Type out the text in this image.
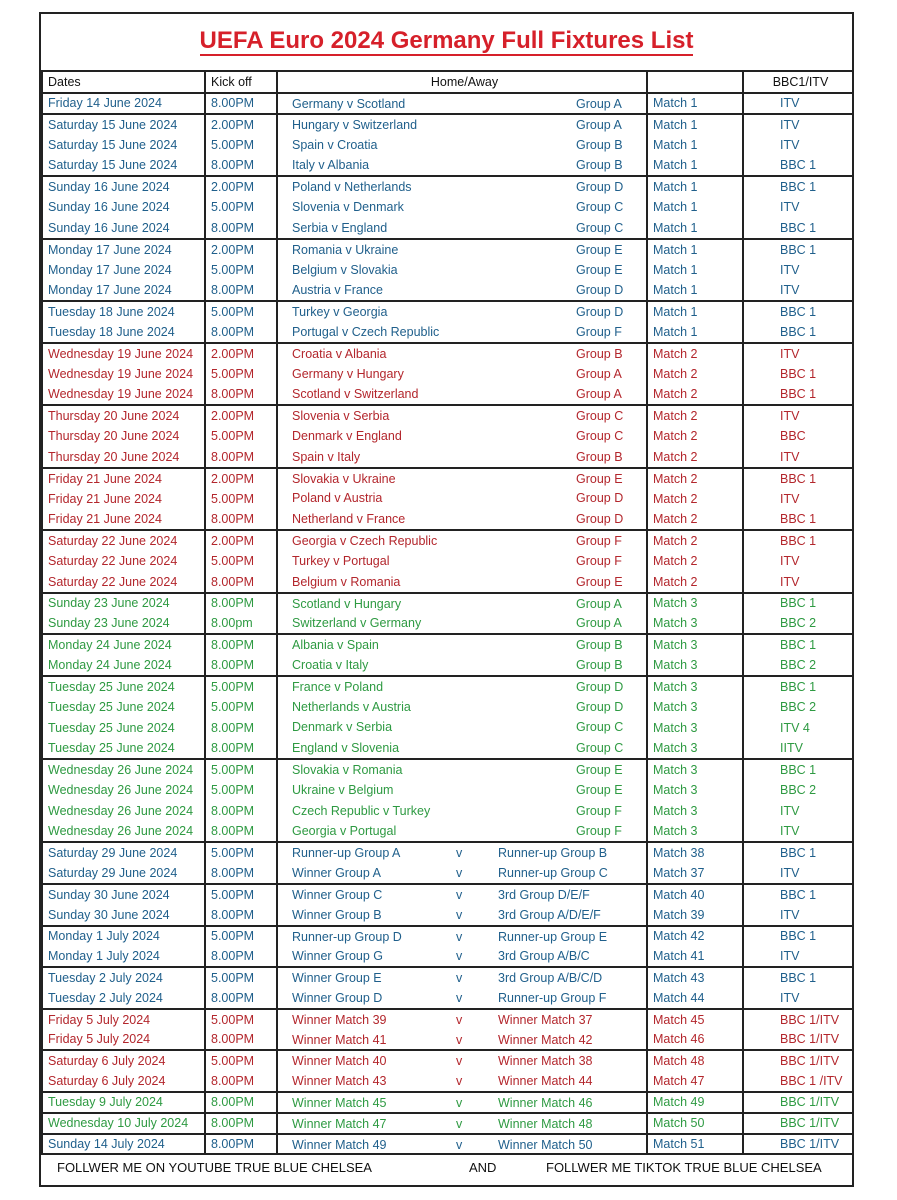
UEFA Euro 2024 Germany Full Fixtures List
Dates	Kick off	Home/Away		BBC1/ITV
Friday 14 June 2024	8.00PM	Germany v Scotland Group A	Match 1	ITV
Saturday 15 June 2024	2.00PM	Hungary v Switzerland Group A	Match 1	ITV
Saturday 15 June 2024	5.00PM	Spain v Croatia Group B	Match 1	ITV
Saturday 15 June 2024	8.00PM	Italy v Albania Group B	Match 1	BBC 1
Sunday 16 June 2024	2.00PM	Poland v Netherlands Group D	Match 1	BBC 1
Sunday 16 June 2024	5.00PM	Slovenia v Denmark Group C	Match 1	ITV
Sunday 16 June 2024	8.00PM	Serbia v England Group C	Match 1	BBC 1
Monday 17 June 2024	2.00PM	Romania v Ukraine Group E	Match 1	BBC 1
Monday 17 June 2024	5.00PM	Belgium v Slovakia Group E	Match 1	ITV
Monday 17 June 2024	8.00PM	Austria v France Group D	Match 1	ITV
Tuesday 18 June 2024	5.00PM	Turkey v Georgia Group D	Match 1	BBC 1
Tuesday 18 June 2024	8.00PM	Portugal v Czech Republic Group F	Match 1	BBC 1
Wednesday 19 June 2024	2.00PM	Croatia v Albania Group B	Match 2	ITV
Wednesday 19 June 2024	5.00PM	Germany v Hungary Group A	Match 2	BBC 1
Wednesday 19 June 2024	8.00PM	Scotland v Switzerland Group A	Match 2	BBC 1
Thursday 20 June 2024	2.00PM	Slovenia v Serbia Group C	Match 2	ITV
Thursday 20 June 2024	5.00PM	Denmark v England Group C	Match 2	BBC
Thursday 20 June 2024	8.00PM	Spain v Italy Group B	Match 2	ITV
Friday 21 June 2024	2.00PM	Slovakia v Ukraine Group E	Match 2	BBC 1
Friday 21 June 2024	5.00PM	Poland v Austria Group D	Match 2	ITV
Friday 21 June 2024	8.00PM	Netherland v France Group D	Match 2	BBC 1
Saturday 22 June 2024	2.00PM	Georgia v Czech Republic Group F	Match 2	BBC 1
Saturday 22 June 2024	5.00PM	Turkey v Portugal Group F	Match 2	ITV
Saturday 22 June 2024	8.00PM	Belgium v Romania Group E	Match 2	ITV
Sunday 23 June 2024	8.00PM	Scotland v Hungary Group A	Match 3	BBC 1
Sunday 23 June 2024	8.00pm	Switzerland v Germany Group A	Match 3	BBC 2
Monday 24 June 2024	8.00PM	Albania v Spain Group B	Match 3	BBC 1
Monday 24 June 2024	8.00PM	Croatia v Italy Group B	Match 3	BBC 2
Tuesday 25 June 2024	5.00PM	France v Poland Group D	Match 3	BBC 1
Tuesday 25 June 2024	5.00PM	Netherlands v Austria Group D	Match 3	BBC 2
Tuesday 25 June 2024	8.00PM	Denmark v Serbia Group C	Match 3	ITV 4
Tuesday 25 June 2024	8.00PM	England v Slovenia Group C	Match 3	IITV
Wednesday 26 June 2024	5.00PM	Slovakia v Romania Group E	Match 3	BBC 1
Wednesday 26 June 2024	5.00PM	Ukraine v Belgium Group E	Match 3	BBC 2
Wednesday 26 June 2024	8.00PM	Czech Republic v Turkey Group F	Match 3	ITV
Wednesday 26 June 2024	8.00PM	Georgia v Portugal Group F	Match 3	ITV
Saturday 29 June 2024	5.00PM	Runner-up Group A v Runner-up Group B	Match 38	BBC 1
Saturday 29 June 2024	8.00PM	Winner Group A v Runner-up Group C	Match 37	ITV
Sunday 30 June 2024	5.00PM	Winner Group C v 3rd Group D/E/F	Match 40	BBC 1
Sunday 30 June 2024	8.00PM	Winner Group B v 3rd Group A/D/E/F	Match 39	ITV
Monday 1 July 2024	5.00PM	Runner-up Group D v Runner-up Group E	Match 42	BBC 1
Monday 1 July 2024	8.00PM	Winner Group G v 3rd Group A/B/C	Match 41	ITV
Tuesday 2 July 2024	5.00PM	Winner Group E v 3rd Group A/B/C/D	Match 43	BBC 1
Tuesday 2 July 2024	8.00PM	Winner Group D v Runner-up Group F	Match 44	ITV
Friday 5 July 2024	5.00PM	Winner Match 39 v Winner Match 37	Match 45	BBC 1/ITV
Friday 5 July 2024	8.00PM	Winner Match 41 v Winner Match 42	Match 46	BBC 1/ITV
Saturday 6 July 2024	5.00PM	Winner Match 40 v Winner Match 38	Match 48	BBC 1/ITV
Saturday 6 July 2024	8.00PM	Winner Match 43 v Winner Match 44	Match 47	BBC 1 /ITV
Tuesday 9 July 2024	8.00PM	Winner Match 45 v Winner Match 46	Match 49	BBC 1/ITV
Wednesday 10 July 2024	8.00PM	Winner Match 47 v Winner Match 48	Match 50	BBC 1/ITV
Sunday 14 July 2024	8.00PM	Winner Match 49 v Winner Match 50	Match 51	BBC 1/ITV
FOLLWER ME ON YOUTUBE TRUE BLUE CHELSEA	AND	FOLLWER ME TIKTOK TRUE BLUE CHELSEA
